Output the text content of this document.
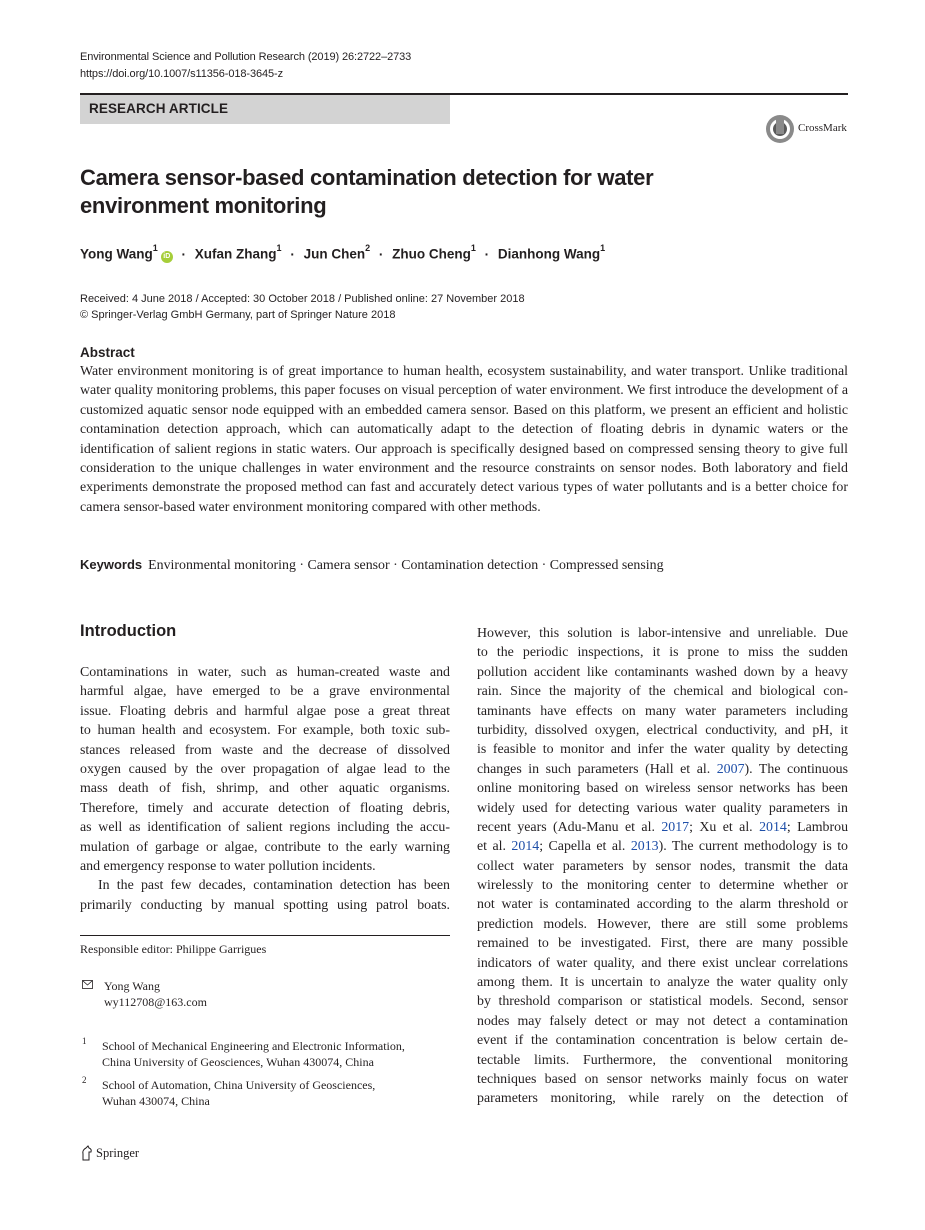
Environmental Science and Pollution Research (2019) 26:2722–2733
https://doi.org/10.1007/s11356-018-3645-z
RESEARCH ARTICLE
CrossMark
Camera sensor-based contamination detection for water environment monitoring
Yong Wang$^1$iD · Xufan Zhang$^1$ · Jun Chen$^2$ · Zhuo Cheng$^1$ · Dianhong Wang$^1$
Received: 4 June 2018 / Accepted: 30 October 2018 / Published online: 27 November 2018
© Springer-Verlag GmbH Germany, part of Springer Nature 2018
Abstract
Water environment monitoring is of great importance to human health, ecosystem sustainability, and water transport. Unlike traditional water quality monitoring problems, this paper focuses on visual perception of water environment. We first introduce the development of a customized aquatic sensor node equipped with an embedded camera sensor. Based on this platform, we present an efficient and holistic contamination detection approach, which can automatically adapt to the detection of floating debris in dynamic waters or the identification of salient regions in static waters. Our approach is specifically designed based on compressed sensing theory to give full consideration to the unique challenges in water environment and the resource constraints on sensor nodes. Both laboratory and field experiments demonstrate the proposed method can fast and accurately detect various types of water pollutants and is a better choice for camera sensor-based water environment monitoring compared with other methods.
Keywords Environmental monitoring · Camera sensor · Contamination detection · Compressed sensing
Introduction
Contaminations in water, such as human-created waste and
harmful algae, have emerged to be a grave environmental
issue. Floating debris and harmful algae pose a great threat
to human health and ecosystem. For example, both toxic sub-
stances released from waste and the decrease of dissolved
oxygen caused by the over propagation of algae lead to the
mass death of fish, shrimp, and other aquatic organisms.
Therefore, timely and accurate detection of floating debris,
as well as identification of salient regions including the accu-
mulation of garbage or algae, contribute to the early warning
and emergency response to water pollution incidents.
In the past few decades, contamination detection has been
primarily conducting by manual spotting using patrol boats.
However, this solution is labor-intensive and unreliable. Due
to the periodic inspections, it is prone to miss the sudden
pollution accident like contaminants washed down by a heavy
rain. Since the majority of the chemical and biological con-
taminants have effects on many water parameters including
turbidity, dissolved oxygen, electrical conductivity, and pH, it
is feasible to monitor and infer the water quality by detecting
changes in such parameters (Hall et al. 2007). The continuous
online monitoring based on wireless sensor networks has been
widely used for detecting various water quality parameters in
recent years (Adu-Manu et al. 2017; Xu et al. 2014; Lambrou
et al. 2014; Capella et al. 2013). The current methodology is to
collect water parameters by sensor nodes, transmit the data
wirelessly to the monitoring center to determine whether or
not water is contaminated according to the alarm threshold or
prediction models. However, there are still some problems
remained to be investigated. First, there are many possible
indicators of water quality, and there exist unclear correlations
among them. It is uncertain to analyze the water quality only
by threshold comparison or statistical models. Second, sensor
nodes may falsely detect or may not detect a contamination
event if the contamination concentration is below certain de-
tectable limits. Furthermore, the conventional monitoring
techniques based on sensor networks mainly focus on water
parameters monitoring, while rarely on the detection of
Responsible editor: Philippe Garrigues
Yong Wang
wy112708@163.com
1 School of Mechanical Engineering and Electronic Information,
China University of Geosciences, Wuhan 430074, China
2 School of Automation, China University of Geosciences,
Wuhan 430074, China
Springer
